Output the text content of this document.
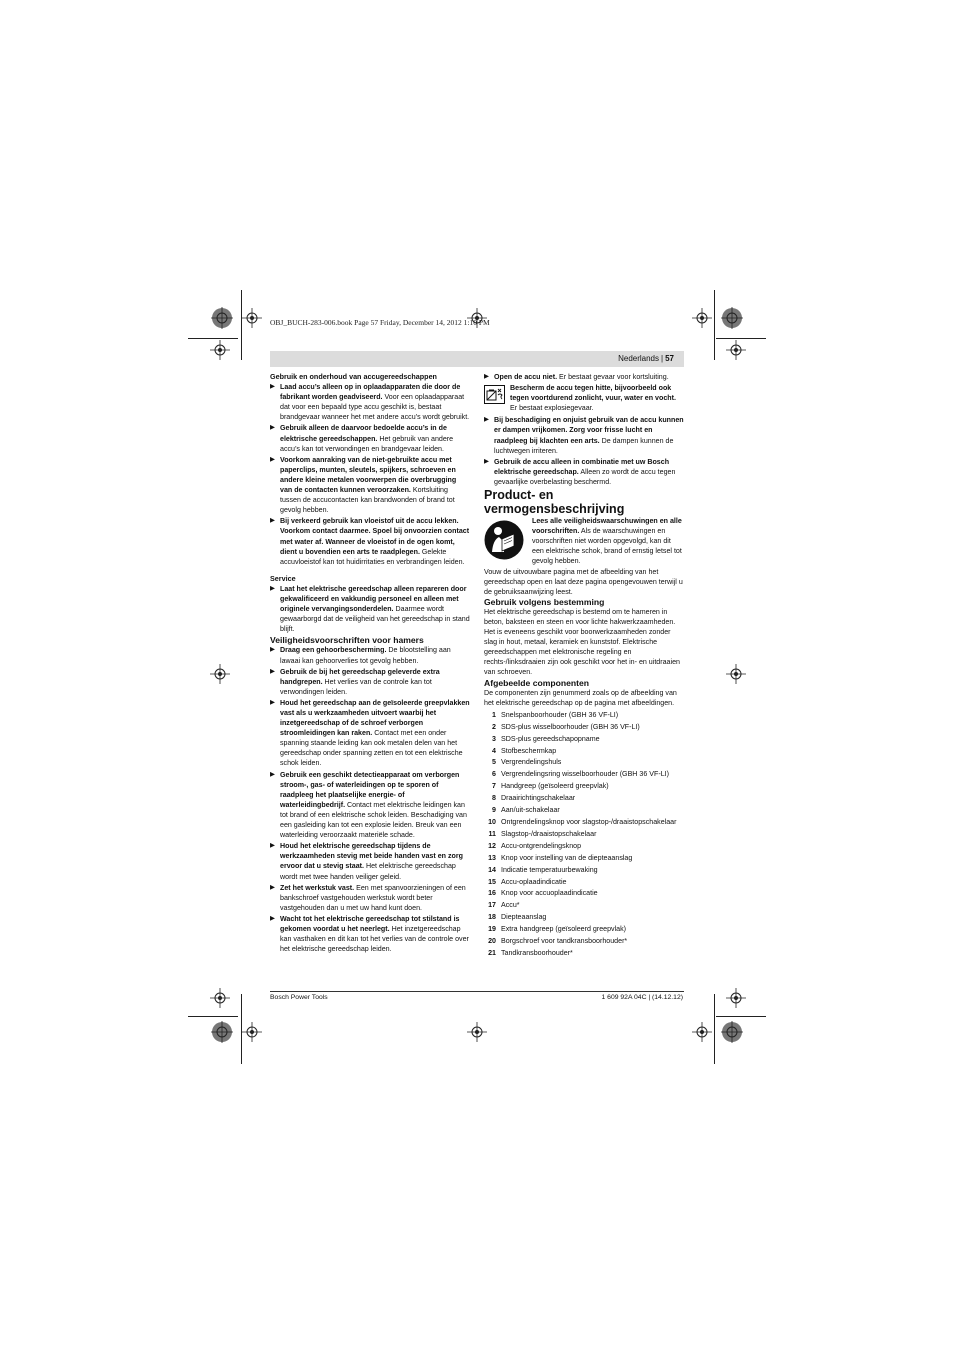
OBJ_BUCH-283-006.book Page 57 Friday, December 14, 2012 1:10 PM
Nederlands | 57

Gebruik en onderhoud van accugereedschappen

▶ Laad accu’s alleen op in oplaadapparaten die door de fabrikant worden geadviseerd. Voor een oplaadapparaat dat voor een bepaald type accu geschikt is, bestaat brandgevaar wanneer het met andere accu’s wordt gebruikt.
▶ Gebruik alleen de daarvoor bedoelde accu’s in de elektrische gereedschappen. Het gebruik van andere accu’s kan tot verwondingen en brandgevaar leiden.
▶ Voorkom aanraking van de niet-gebruikte accu met paperclips, munten, sleutels, spijkers, schroeven en andere kleine metalen voorwerpen die overbrugging van de contacten kunnen veroorzaken. Kortsluiting tussen de accucontacten kan brandwonden of brand tot gevolg hebben.
▶ Bij verkeerd gebruik kan vloeistof uit de accu lekken. Voorkom contact daarmee. Spoel bij onvoorzien contact met water af. Wanneer de vloeistof in de ogen komt, dient u bovendien een arts te raadplegen. Gelekte accuvloeistof kan tot huidirritaties en verbrandingen leiden.

Service

▶ Laat het elektrische gereedschap alleen repareren door gekwalificeerd en vakkundig personeel en alleen met originele vervangingsonderdelen. Daarmee wordt gewaarborgd dat de veiligheid van het gereedschap in stand blijft.

Veiligheidsvoorschriften voor hamers

▶ Draag een gehoorbescherming. De blootstelling aan lawaai kan gehoorverlies tot gevolg hebben.
▶ Gebruik de bij het gereedschap geleverde extra handgrepen. Het verlies van de controle kan tot verwondingen leiden.
▶ Houd het gereedschap aan de geïsoleerde greepvlakken vast als u werkzaamheden uitvoert waarbij het inzetgereedschap of de schroef verborgen stroomleidingen kan raken. Contact met een onder spanning staande leiding kan ook metalen delen van het gereedschap onder spanning zetten en tot een elektrische schok leiden.
▶ Gebruik een geschikt detectieapparaat om verborgen stroom-, gas- of waterleidingen op te sporen of raadpleeg het plaatselijke energie- of waterleidingbedrijf. Contact met elektrische leidingen kan tot brand of een elektrische schok leiden. Beschadiging van een gasleiding kan tot een explosie leiden. Breuk van een waterleiding veroorzaakt materiële schade.
▶ Houd het elektrische gereedschap tijdens de werkzaamheden stevig met beide handen vast en zorg ervoor dat u stevig staat. Het elektrische gereedschap wordt met twee handen veiliger geleid.
▶ Zet het werkstuk vast. Een met spanvoorzieningen of een bankschroef vastgehouden werkstuk wordt beter vastgehouden dan u met uw hand kunt doen.
▶ Wacht tot het elektrische gereedschap tot stilstand is gekomen voordat u het neerlegt. Het inzetgereedschap kan vasthaken en dit kan tot het verlies van de controle over het elektrische gereedschap leiden.
▶ Open de accu niet. Er bestaat gevaar voor kortsluiting.
Bescherm de accu tegen hitte, bijvoorbeeld ook tegen voortdurend zonlicht, vuur, water en vocht. Er bestaat explosiegevaar.
▶ Bij beschadiging en onjuist gebruik van de accu kunnen er dampen vrijkomen. Zorg voor frisse lucht en raadpleeg bij klachten een arts. De dampen kunnen de luchtwegen irriteren.
▶ Gebruik de accu alleen in combinatie met uw Bosch elektrische gereedschap. Alleen zo wordt de accu tegen gevaarlijke overbelasting beschermd.

Product- en vermogensbeschrijving

Lees alle veiligheidswaarschuwingen en alle voorschriften. Als de waarschuwingen en voorschriften niet worden opgevolgd, kan dit een elektrische schok, brand of ernstig letsel tot gevolg hebben.

Vouw de uitvouwbare pagina met de afbeelding van het gereedschap open en laat deze pagina opengevouwen terwijl u de gebruiksaanwijzing leest.

Gebruik volgens bestemming

Het elektrische gereedschap is bestemd om te hameren in beton, baksteen en steen en voor lichte hakwerkzaamheden. Het is eveneens geschikt voor boorwerkzaamheden zonder slag in hout, metaal, keramiek en kunststof. Elektrische gereedschappen met elektronische regeling en rechts-/linksdraaien zijn ook geschikt voor het in- en uitdraaien van schroeven.

Afgebeelde componenten

De componenten zijn genummerd zoals op de afbeelding van het elektrische gereedschap op de pagina met afbeeldingen.

1 Snelspanboorhouder (GBH 36 VF-LI)
2 SDS-plus wisselboorhouder (GBH 36 VF-LI)
3 SDS-plus gereedschapopname
4 Stofbeschermkap
5 Vergrendelingshuls
6 Vergrendelingsring wisselboorhouder (GBH 36 VF-LI)
7 Handgreep (geïsoleerd greepvlak)
8 Draairichtingschakelaar
9 Aan/uit-schakelaar
10 Ontgrendelingsknop voor slagstop-/draaistopschakelaar
11 Slagstop-/draaistopschakelaar
12 Accu-ontgrendelingsknop
13 Knop voor instelling van de diepteaanslag
14 Indicatie temperatuurbewaking
15 Accu-oplaadindicatie
16 Knop voor accuoplaadindicatie
17 Accu*
18 Diepteaanslag
19 Extra handgreep (geïsoleerd greepvlak)
20 Borgschroef voor tandkransboorhouder*
21 Tandkransboorhouder*
Bosch Power Tools	1 609 92A 04C | (14.12.12)
